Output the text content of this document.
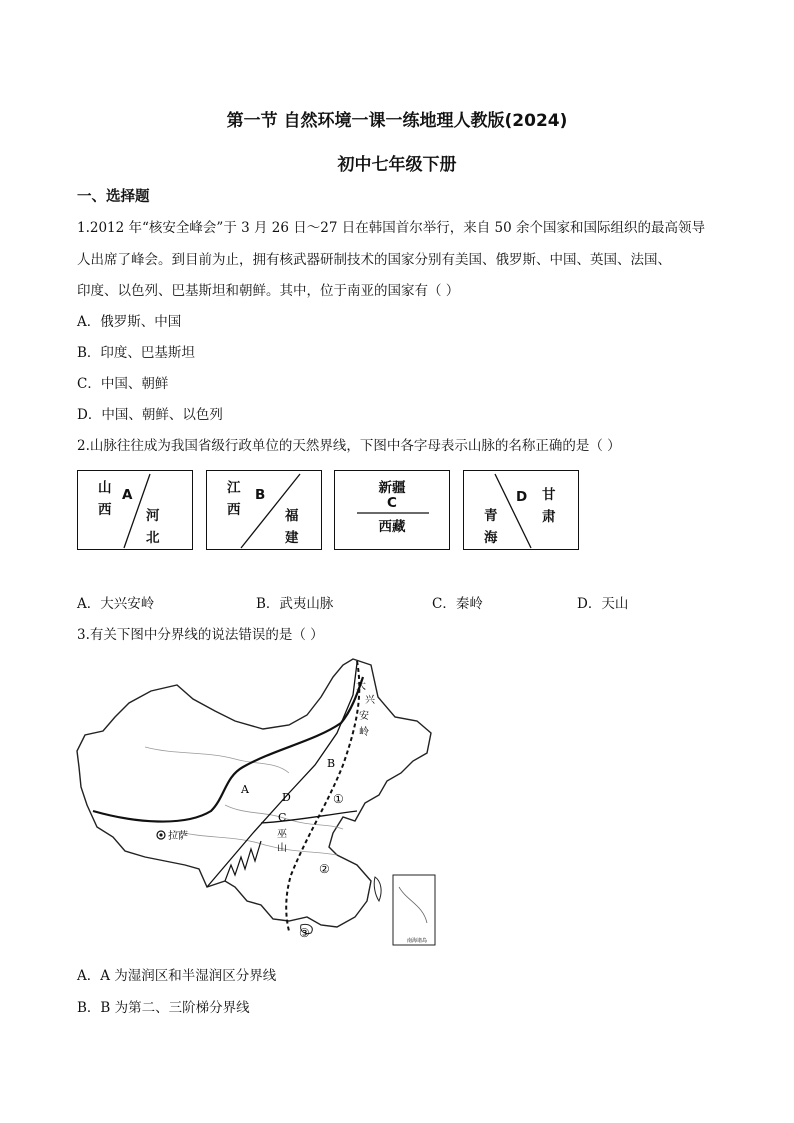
第一节 自然环境一课一练地理人教版(2024)
初中七年级下册
一、选择题
1.2012 年“核安全峰会”于 3 月 26 日～27 日在韩国首尔举行，来自 50 余个国家和国际组织的最高领导
人出席了峰会。到目前为止，拥有核武器研制技术的国家分别有美国、俄罗斯、中国、英国、法国、
印度、以色列、巴基斯坦和朝鲜。其中，位于南亚的国家有（ ）
A．俄罗斯、中国
B．印度、巴基斯坦
C．中国、朝鲜
D．中国、朝鲜、以色列
2.山脉往往成为我国省级行政单位的天然界线，下图中各字母表示山脉的名称正确的是（ ）
山西
A
河北
江西
B
福建
新疆
C
西藏
青海
D 甘肃
A．大兴安岭	B．武夷山脉	C．秦岭	D．天山
3.有关下图中分界线的说法错误的是（ ）
拉萨
大
兴
安
岭
巫
山
A
B
C
D	①
②
③
南海诸岛
A．A 为湿润区和半湿润区分界线
B．B 为第二、三阶梯分界线
